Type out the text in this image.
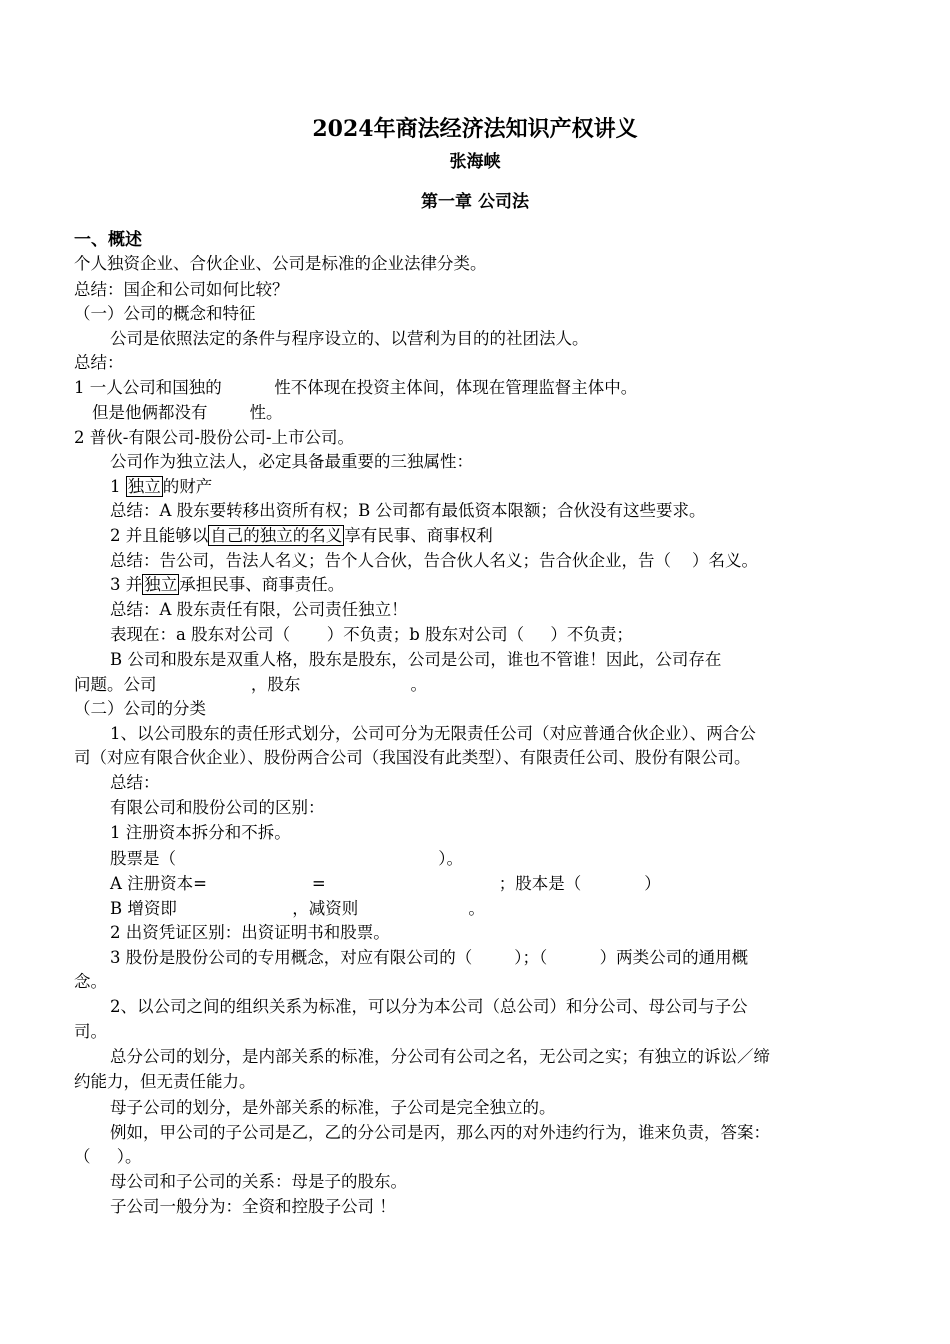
2024年商法经济法知识产权讲义
张海峡
第一章 公司法
一、概述
个人独资企业、合伙企业、公司是标准的企业法律分类。
总结：国企和公司如何比较？
（一）公司的概念和特征
公司是依照法定的条件与程序设立的、以营利为目的的社团法人。
总结：
1 一人公司和国独的          性不体现在投资主体间，体现在管理监督主体中。
但是他俩都没有        性。
2 普伙-有限公司-股份公司-上市公司。
公司作为独立法人，必定具备最重要的三独属性：
1 独立 的财产
总结：A 股东要转移出资所有权；B 公司都有最低资本限额；合伙没有这些要求。
2 并且能够以 自己的独立的名义 享有民事、商事权利
总结：告公司，告法人名义；告个人合伙，告合伙人名义；告合伙企业，告（    ）名义。
3 并 独立 承担民事、商事责任。
总结：A 股东责任有限，公司责任独立！
表现在：a 股东对公司（       ）不负责；b 股东对公司（     ）不负责；
B 公司和股东是双重人格，股东是股东，公司是公司，谁也不管谁！因此，公司存在
问题。公司                  ，股东                     。
（二）公司的分类
1、以公司股东的责任形式划分，公司可分为无限责任公司（对应普通合伙企业）、两合公
司（对应有限合伙企业）、股份两合公司（我国没有此类型）、有限责任公司、股份有限公司。
总结：
有限公司和股份公司的区别：
1 注册资本拆分和不拆。
股票是（                                                  ）。
A 注册资本=                    =                                 ；股本是（            ）
B 增资即                      ，减资则                     。
2 出资凭证区别：出资证明书和股票。
3 股份是股份公司的专用概念，对应有限公司的（        ）；（          ）两类公司的通用概
念。
2、以公司之间的组织关系为标准，可以分为本公司（总公司）和分公司、母公司与子公
司。
总分公司的划分，是内部关系的标准，分公司有公司之名，无公司之实；有独立的诉讼／缔
约能力，但无责任能力。
母子公司的划分，是外部关系的标准，子公司是完全独立的。
例如，甲公司的子公司是乙，乙的分公司是丙，那么丙的对外违约行为，谁来负责，答案：
（     ）。
母公司和子公司的关系：母是子的股东。
子公司一般分为：全资和控股子公司 ！
